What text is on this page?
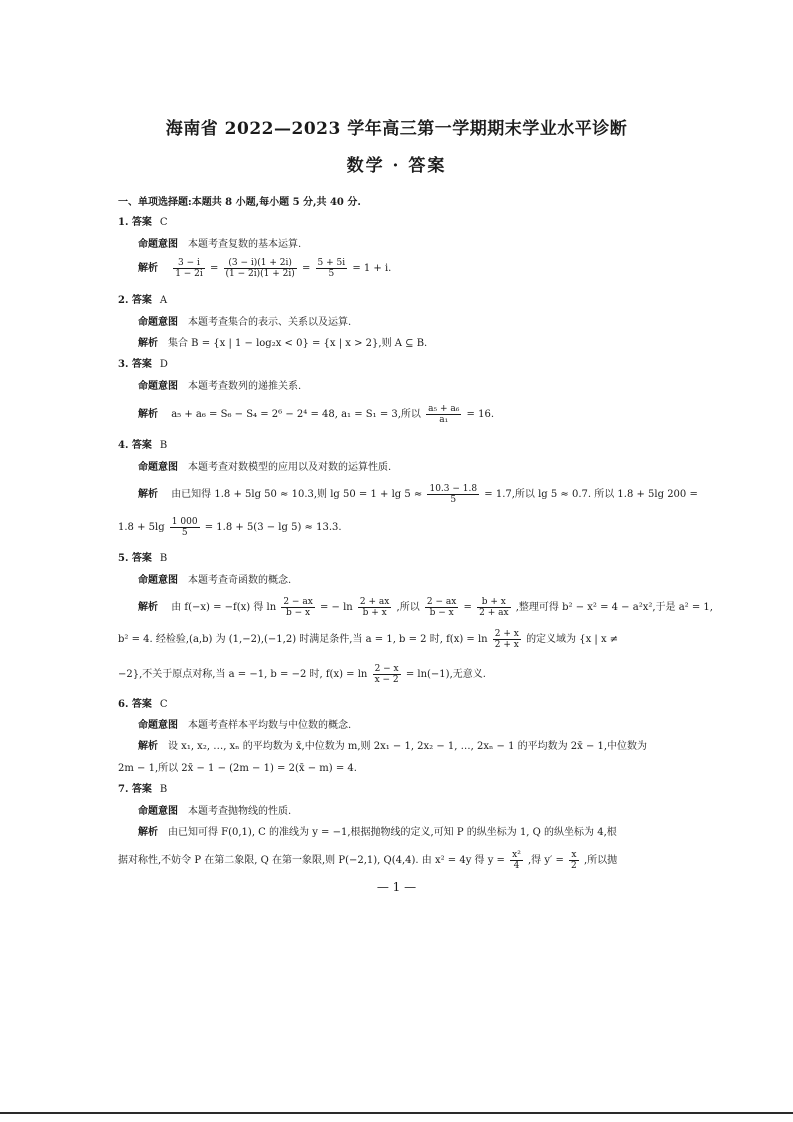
海南省 2022—2023 学年高三第一学期期末学业水平诊断
数学 · 答案
一、单项选择题:本题共 8 小题,每小题 5 分,共 40 分.
1. 答案 C
命题意图 本题考查复数的基本运算.
解析 $\frac{3 - i}{1 - 2i} = \frac{(3 - i)(1 + 2i)}{(1 - 2i)(1 + 2i)} = \frac{5 + 5i}{5} = 1 + i$.
2. 答案 A
命题意图 本题考查集合的表示、关系以及运算.
解析 集合 B = {x | 1 − log₂x < 0} = {x | x > 2},则 A ⊆ B.
3. 答案 D
命题意图 本题考查数列的递推关系.
解析 a₅ + a₆ = S₆ − S₄ = 2⁶ − 2⁴ = 48, a₁ = S₁ = 3,所以 $\frac{\text{a₅ + a₆}}{\text{a₁}} = 16$.
4. 答案 B
命题意图 本题考查对数模型的应用以及对数的运算性质.
解析 由已知得 1.8 + 5lg 50 ≈ 10.3,则 $\lg 50 = 1 + \lg 5 \approx \frac{10.3 - 1.8}{5} = 1.7$,所以 lg 5 ≈ 0.7. 所以 1.8 + 5lg 200 =
$1.8 + 5\lg \frac{1 000}{5} = 1.8 + 5(3 - \lg 5) \approx 13.3$.
5. 答案 B
命题意图 本题考查奇函数的概念.
解析 由 f(−x) = −f(x) 得 $\ln \frac{2 - ax}{b - x}$ = − $\ln \frac{2 + ax}{b + x}$ ,所以 $\frac{2 - ax}{b - x} = \frac{b + x}{2 + ax}$ ,整理可得 b² − x² = 4 − a²x²,于是 a² = 1,
b² = 4. 经检验,(a,b) 为 (1,−2),(−1,2) 时满足条件,当 a = 1, b = 2 时, $f(x) = \ln \frac{2 + x}{2 + x}$ 的定义域为 {x | x ≠
−2},不关于原点对称,当 a = −1, b = −2 时, $f(x) = \ln \frac{2 - x}{x - 2} = \ln(-1)$,无意义.
6. 答案 C
命题意图 本题考查样本平均数与中位数的概念.
解析 设 x₁, x₂, …, xₙ 的平均数为 x̄,中位数为 m,则 2x₁ − 1, 2x₂ − 1, …, 2xₙ − 1 的平均数为 2x̄ − 1,中位数为
2m − 1,所以 2x̄ − 1 − (2m − 1) = 2(x̄ − m) = 4.
7. 答案 B
命题意图 本题考查抛物线的性质.
解析 由已知可得 F(0,1), C 的准线为 y = −1,根据抛物线的定义,可知 P 的纵坐标为 1, Q 的纵坐标为 4,根
据对称性,不妨令 P 在第二象限, Q 在第一象限,则 P(−2,1), Q(4,4). 由 x² = 4y 得 $y = \frac{\text{x²}}{4}$ ,得 $y' = \frac{x}{2}$ ,所以抛
— 1 —
